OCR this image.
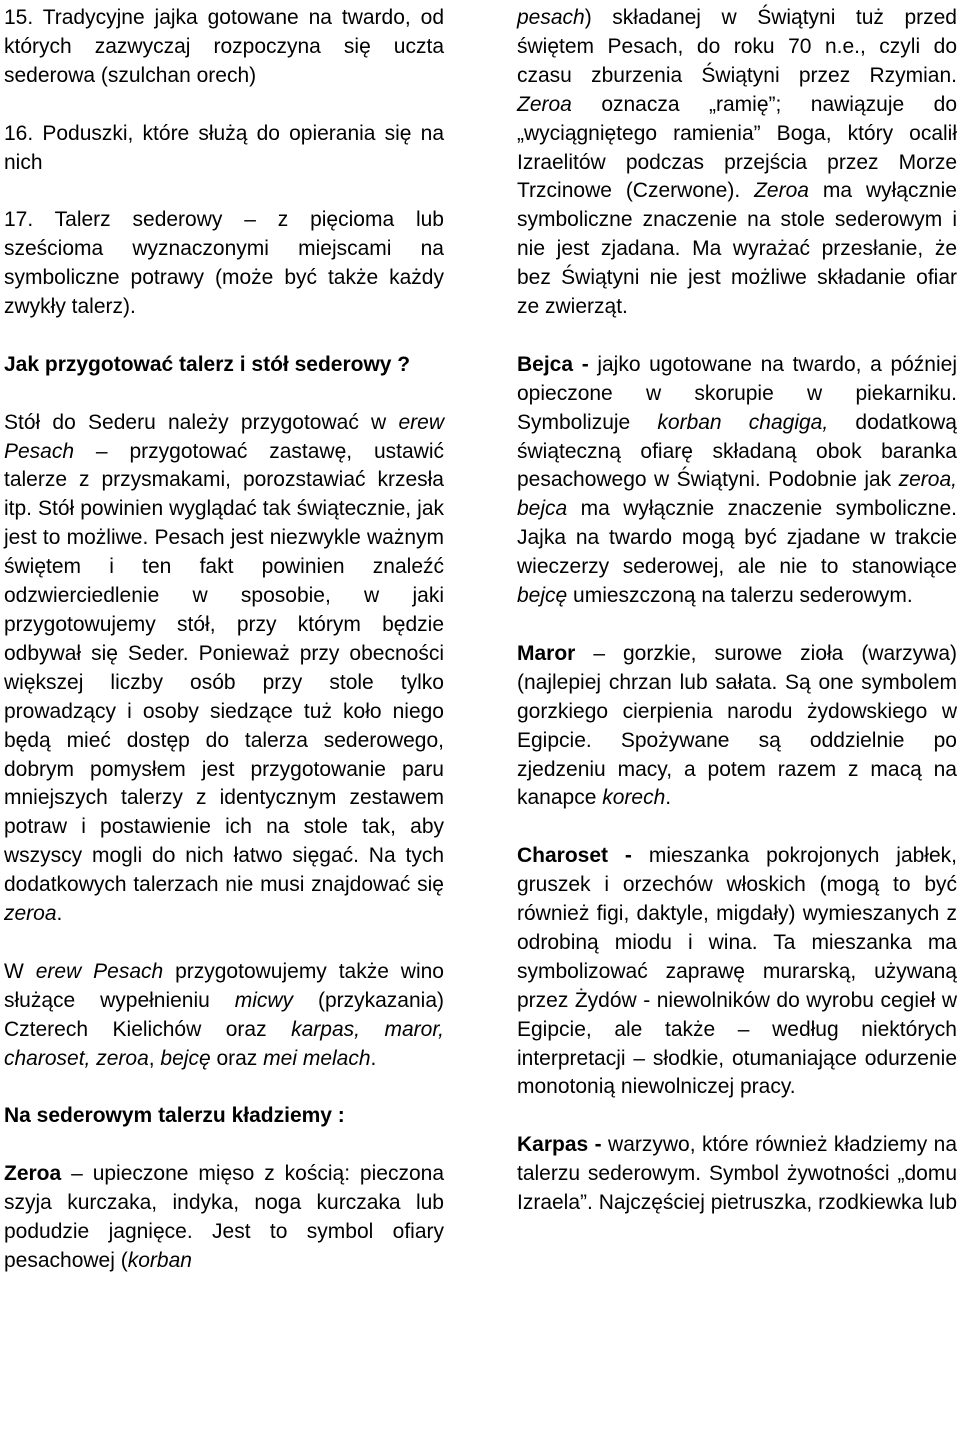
15. Tradycyjne jajka gotowane na twardo, od których zazwyczaj rozpoczyna się uczta sederowa (szulchan orech)

16. Poduszki, które służą do opierania się na nich

17. Talerz sederowy – z pięcioma lub sześcioma wyznaczonymi miejscami na symboliczne potrawy (może być także każdy zwykły talerz).

Jak przygotować talerz i stół sederowy ?

Stół do Sederu należy przygotować w erew Pesach – przygotować zastawę, ustawić talerze z przysmakami, porozstawiać krzesła itp. Stół powinien wyglądać tak świątecznie, jak jest to możliwe. Pesach jest niezwykle ważnym świętem i ten fakt powinien znaleźć odzwierciedlenie w sposobie, w jaki przygotowujemy stół, przy którym będzie odbywał się Seder. Ponieważ przy obecności większej liczby osób przy stole tylko prowadzący i osoby siedzące tuż koło niego będą mieć dostęp do talerza sederowego, dobrym pomysłem jest przygotowanie paru mniejszych talerzy z identycznym zestawem potraw i postawienie ich na stole tak, aby wszyscy mogli do nich łatwo sięgać. Na tych dodatkowych talerzach nie musi znajdować się zeroa.

W erew Pesach przygotowujemy także wino służące wypełnieniu micwy (przykazania) Czterech Kielichów oraz karpas, maror, charoset, zeroa, bejcę oraz mei melach.

Na sederowym talerzu kładziemy :

Zeroa – upieczone mięso z kością: pieczona szyja kurczaka, indyka, noga kurczaka lub podudzie jagnięce. Jest to symbol ofiary pesachowej (korban

pesach) składanej w Świątyni tuż przed świętem Pesach, do roku 70 n.e., czyli do czasu zburzenia Świątyni przez Rzymian. Zeroa oznacza „ramię”; nawiązuje do „wyciągniętego ramienia” Boga, który ocalił Izraelitów podczas przejścia przez Morze Trzcinowe (Czerwone). Zeroa ma wyłącznie symboliczne znaczenie na stole sederowym i nie jest zjadana. Ma wyrażać przesłanie, że bez Świątyni nie jest możliwe składanie ofiar ze zwierząt.

Bejca - jajko ugotowane na twardo, a później opieczone w skorupie w piekarniku. Symbolizuje korban chagiga, dodatkową świąteczną ofiarę składaną obok baranka pesachowego w Świątyni. Podobnie jak zeroa, bejca ma wyłącznie znaczenie symboliczne. Jajka na twardo mogą być zjadane w trakcie wieczerzy sederowej, ale nie to stanowiące bejcę umieszczoną na talerzu sederowym.

Maror – gorzkie, surowe zioła (warzywa) (najlepiej chrzan lub sałata. Są one symbolem gorzkiego cierpienia narodu żydowskiego w Egipcie. Spożywane są oddzielnie po zjedzeniu macy, a potem razem z macą na kanapce korech.

Charoset - mieszanka pokrojonych jabłek, gruszek i orzechów włoskich (mogą to być również figi, daktyle, migdały) wymieszanych z odrobiną miodu i wina. Ta mieszanka ma symbolizować zaprawę murarską, używaną przez Żydów - niewolników do wyrobu cegieł w Egipcie, ale także – według niektórych interpretacji – słodkie, otumaniające odurzenie monotonią niewolniczej pracy.

Karpas - warzywo, które również kładziemy na talerzu sederowym. Symbol żywotności „domu Izraela”. Najczęściej pietruszka, rzodkiewka lub
